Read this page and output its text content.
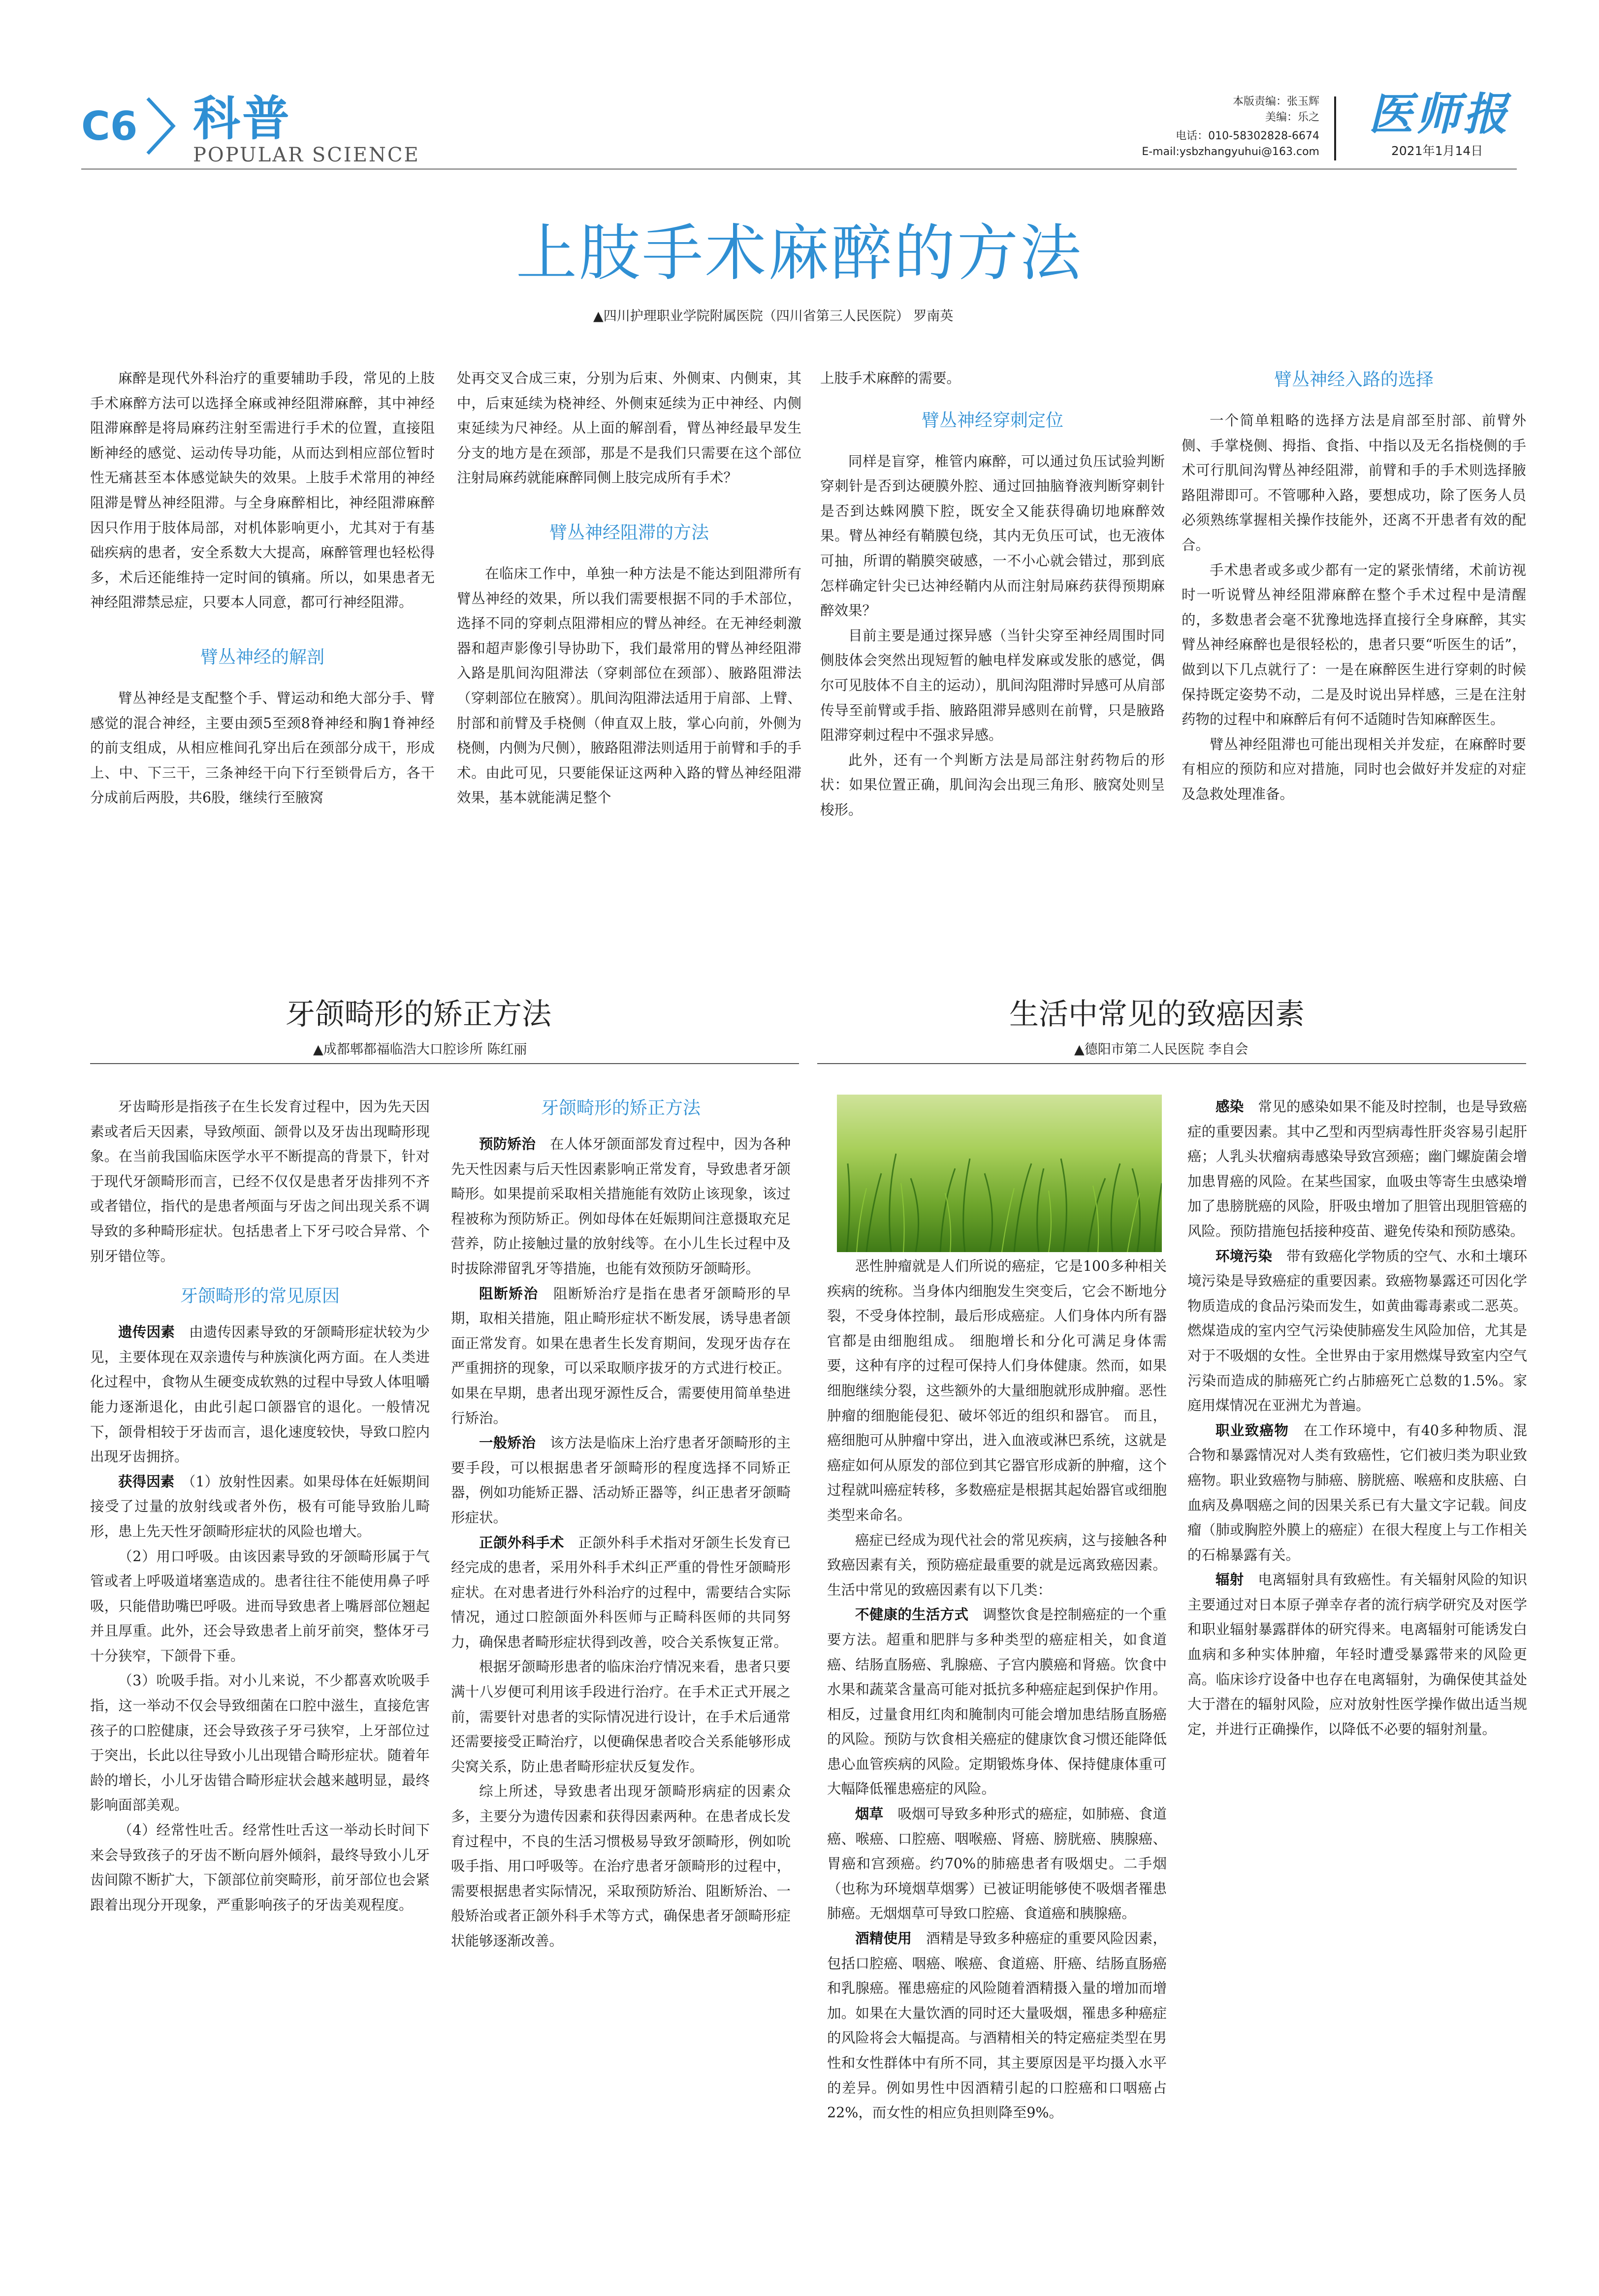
C6 科普
POPULAR SCIENCE
本版责编：张玉辉
美编：乐之
电话：010-58302828-6674
E-mail:ysbzhangyuhui@163.com
医师报
2021年1月14日
上肢手术麻醉的方法
▲四川护理职业学院附属医院（四川省第三人民医院） 罗南英

麻醉是现代外科治疗的重要辅助手段，常见的上肢手术麻醉方法可以选择全麻或神经阻滞麻醉，其中神经阻滞麻醉是将局麻药注射至需进行手术的位置，直接阻断神经的感觉、运动传导功能，从而达到相应部位暂时性无痛甚至本体感觉缺失的效果。上肢手术常用的神经阻滞是臂丛神经阻滞。与全身麻醉相比，神经阻滞麻醉因只作用于肢体局部，对机体影响更小，尤其对于有基础疾病的患者，安全系数大大提高，麻醉管理也轻松得多，术后还能维持一定时间的镇痛。所以，如果患者无神经阻滞禁忌症，只要本人同意，都可行神经阻滞。

臂丛神经的解剖

臂丛神经是支配整个手、臂运动和绝大部分手、臂感觉的混合神经，主要由颈5至颈8脊神经和胸1脊神经的前支组成，从相应椎间孔穿出后在颈部分成干，形成上、中、下三干，三条神经干向下行至锁骨后方，各干分成前后两股，共6股，继续行至腋窝

处再交叉合成三束，分别为后束、外侧束、内侧束，其中，后束延续为桡神经、外侧束延续为正中神经、内侧束延续为尺神经。从上面的解剖看，臂丛神经最早发生分支的地方是在颈部，那是不是我们只需要在这个部位注射局麻药就能麻醉同侧上肢完成所有手术？

臂丛神经阻滞的方法

在临床工作中，单独一种方法是不能达到阻滞所有臂丛神经的效果，所以我们需要根据不同的手术部位，选择不同的穿刺点阻滞相应的臂丛神经。在无神经刺激器和超声影像引导协助下，我们最常用的臂丛神经阻滞入路是肌间沟阻滞法（穿刺部位在颈部）、腋路阻滞法（穿刺部位在腋窝）。肌间沟阻滞法适用于肩部、上臂、肘部和前臂及手桡侧（伸直双上肢，掌心向前，外侧为桡侧，内侧为尺侧），腋路阻滞法则适用于前臂和手的手术。由此可见，只要能保证这两种入路的臂丛神经阻滞效果，基本就能满足整个

上肢手术麻醉的需要。

臂丛神经穿刺定位

同样是盲穿，椎管内麻醉，可以通过负压试验判断穿刺针是否到达硬膜外腔、通过回抽脑脊液判断穿刺针是否到达蛛网膜下腔，既安全又能获得确切地麻醉效果。臂丛神经有鞘膜包绕，其内无负压可试，也无液体可抽，所谓的鞘膜突破感，一不小心就会错过，那到底怎样确定针尖已达神经鞘内从而注射局麻药获得预期麻醉效果？

目前主要是通过探异感（当针尖穿至神经周围时同侧肢体会突然出现短暂的触电样发麻或发胀的感觉，偶尔可见肢体不自主的运动），肌间沟阻滞时异感可从肩部传导至前臂或手指、腋路阻滞异感则在前臂，只是腋路阻滞穿刺过程中不强求异感。

此外，还有一个判断方法是局部注射药物后的形状：如果位置正确，肌间沟会出现三角形、腋窝处则呈梭形。

臂丛神经入路的选择

一个简单粗略的选择方法是肩部至肘部、前臂外侧、手掌桡侧、拇指、食指、中指以及无名指桡侧的手术可行肌间沟臂丛神经阻滞，前臂和手的手术则选择腋路阻滞即可。不管哪种入路，要想成功，除了医务人员必须熟练掌握相关操作技能外，还离不开患者有效的配合。

手术患者或多或少都有一定的紧张情绪，术前访视时一听说臂丛神经阻滞麻醉在整个手术过程中是清醒的，多数患者会毫不犹豫地选择直接行全身麻醉，其实臂丛神经麻醉也是很轻松的，患者只要“听医生的话”，做到以下几点就行了：一是在麻醉医生进行穿刺的时候保持既定姿势不动，二是及时说出异样感，三是在注射药物的过程中和麻醉后有何不适随时告知麻醉医生。

臂丛神经阻滞也可能出现相关并发症，在麻醉时要有相应的预防和应对措施，同时也会做好并发症的对症及急救处理准备。

牙颌畸形的矫正方法
▲成都郫都福临浩大口腔诊所 陈红丽

牙齿畸形是指孩子在生长发育过程中，因为先天因素或者后天因素，导致颅面、颌骨以及牙齿出现畸形现象。在当前我国临床医学水平不断提高的背景下，针对于现代牙颌畸形而言，已经不仅仅是患者牙齿排列不齐或者错位，指代的是患者颅面与牙齿之间出现关系不调导致的多种畸形症状。包括患者上下牙弓咬合异常、个别牙错位等。

牙颌畸形的常见原因

遗传因素　 由遗传因素导致的牙颌畸形症状较为少见，主要体现在双亲遗传与种族演化两方面。在人类进化过程中，食物从生硬变成软熟的过程中导致人体咀嚼能力逐渐退化，由此引起口颌器官的退化。一般情况下，颌骨相较于牙齿而言，退化速度较快，导致口腔内出现牙齿拥挤。

获得因素　 （1）放射性因素。如果母体在妊娠期间接受了过量的放射线或者外伤，极有可能导致胎儿畸形，患上先天性牙颌畸形症状的风险也增大。

（2）用口呼吸。由该因素导致的牙颌畸形属于气管或者上呼吸道堵塞造成的。患者往往不能使用鼻子呼吸，只能借助嘴巴呼吸。进而导致患者上嘴唇部位翘起并且厚重。此外，还会导致患者上前牙前突，整体牙弓十分狭窄，下颌骨下垂。

（3）吮吸手指。对小儿来说，不少都喜欢吮吸手指，这一举动不仅会导致细菌在口腔中滋生，直接危害孩子的口腔健康，还会导致孩子牙弓狭窄，上牙部位过于突出，长此以往导致小儿出现错合畸形症状。随着年龄的增长，小儿牙齿错合畸形症状会越来越明显，最终影响面部美观。

（4）经常性吐舌。经常性吐舌这一举动长时间下来会导致孩子的牙齿不断向唇外倾斜，最终导致小儿牙齿间隙不断扩大，下颌部位前突畸形，前牙部位也会紧跟着出现分开现象，严重影响孩子的牙齿美观程度。

牙颌畸形的矫正方法

预防矫治　 在人体牙颌面部发育过程中，因为各种先天性因素与后天性因素影响正常发育，导致患者牙颌畸形。如果提前采取相关措施能有效防止该现象，该过程被称为预防矫正。例如母体在妊娠期间注意摄取充足营养，防止接触过量的放射线等。在小儿生长过程中及时拔除滞留乳牙等措施，也能有效预防牙颌畸形。

阻断矫治　 阻断矫治疗是指在患者牙颌畸形的早期，取相关措施，阻止畸形症状不断发展，诱导患者颌面正常发育。如果在患者生长发育期间，发现牙齿存在严重拥挤的现象，可以采取顺序拔牙的方式进行校正。如果在早期，患者出现牙源性反合，需要使用简单垫进行矫治。

一般矫治　 该方法是临床上治疗患者牙颌畸形的主要手段，可以根据患者牙颌畸形的程度选择不同矫正器，例如功能矫正器、活动矫正器等，纠正患者牙颌畸形症状。

正颌外科手术　 正颌外科手术指对牙颌生长发育已经完成的患者，采用外科手术纠正严重的骨性牙颌畸形症状。在对患者进行外科治疗的过程中，需要结合实际情况，通过口腔颌面外科医师与正畸科医师的共同努力，确保患者畸形症状得到改善，咬合关系恢复正常。

根据牙颌畸形患者的临床治疗情况来看，患者只要满十八岁便可利用该手段进行治疗。在手术正式开展之前，需要针对患者的实际情况进行设计，在手术后通常还需要接受正畸治疗，以便确保患者咬合关系能够形成尖窝关系，防止患者畸形症状反复发作。

综上所述，导致患者出现牙颌畸形病症的因素众多，主要分为遗传因素和获得因素两种。在患者成长发育过程中，不良的生活习惯极易导致牙颌畸形，例如吮吸手指、用口呼吸等。在治疗患者牙颌畸形的过程中，需要根据患者实际情况，采取预防矫治、阻断矫治、一般矫治或者正颌外科手术等方式，确保患者牙颌畸形症状能够逐渐改善。

生活中常见的致癌因素
▲德阳市第二人民医院 李自会

恶性肿瘤就是人们所说的癌症，它是100多种相关疾病的统称。当身体内细胞发生突变后，它会不断地分裂，不受身体控制，最后形成癌症。人们身体内所有器官都是由细胞组成。 细胞增长和分化可满足身体需要，这种有序的过程可保持人们身体健康。然而，如果细胞继续分裂，这些额外的大量细胞就形成肿瘤。恶性肿瘤的细胞能侵犯、破坏邻近的组织和器官。 而且，癌细胞可从肿瘤中穿出，进入血液或淋巴系统，这就是癌症如何从原发的部位到其它器官形成新的肿瘤，这个过程就叫癌症转移，多数癌症是根据其起始器官或细胞类型来命名。

癌症已经成为现代社会的常见疾病，这与接触各种致癌因素有关，预防癌症最重要的就是远离致癌因素。生活中常见的致癌因素有以下几类：

不健康的生活方式　 调整饮食是控制癌症的一个重要方法。超重和肥胖与多种类型的癌症相关，如食道癌、结肠直肠癌、乳腺癌、子宫内膜癌和肾癌。饮食中水果和蔬菜含量高可能对抵抗多种癌症起到保护作用。相反，过量食用红肉和腌制肉可能会增加患结肠直肠癌的风险。预防与饮食相关癌症的健康饮食习惯还能降低患心血管疾病的风险。定期锻炼身体、保持健康体重可大幅降低罹患癌症的风险。

烟草　 吸烟可导致多种形式的癌症，如肺癌、食道癌、喉癌、口腔癌、咽喉癌、肾癌、膀胱癌、胰腺癌、胃癌和宫颈癌。约70%的肺癌患者有吸烟史。二手烟（也称为环境烟草烟雾）已被证明能够使不吸烟者罹患肺癌。无烟烟草可导致口腔癌、食道癌和胰腺癌。

酒精使用　 酒精是导致多种癌症的重要风险因素，包括口腔癌、咽癌、喉癌、食道癌、肝癌、结肠直肠癌和乳腺癌。罹患癌症的风险随着酒精摄入量的增加而增加。如果在大量饮酒的同时还大量吸烟，罹患多种癌症的风险将会大幅提高。与酒精相关的特定癌症类型在男性和女性群体中有所不同，其主要原因是平均摄入水平的差异。例如男性中因酒精引起的口腔癌和口咽癌占22%，而女性的相应负担则降至9%。

感染　 常见的感染如果不能及时控制，也是导致癌症的重要因素。其中乙型和丙型病毒性肝炎容易引起肝癌；人乳头状瘤病毒感染导致宫颈癌；幽门螺旋菌会增加患胃癌的风险。在某些国家，血吸虫等寄生虫感染增加了患膀胱癌的风险，肝吸虫增加了胆管出现胆管癌的风险。预防措施包括接种疫苗、避免传染和预防感染。

环境污染　 带有致癌化学物质的空气、水和土壤环境污染是导致癌症的重要因素。致癌物暴露还可因化学物质造成的食品污染而发生，如黄曲霉毒素或二恶英。燃煤造成的室内空气污染使肺癌发生风险加倍，尤其是对于不吸烟的女性。全世界由于家用燃煤导致室内空气污染而造成的肺癌死亡约占肺癌死亡总数的1.5%。家庭用煤情况在亚洲尤为普遍。

职业致癌物　 在工作环境中，有40多种物质、混合物和暴露情况对人类有致癌性，它们被归类为职业致癌物。职业致癌物与肺癌、膀胱癌、喉癌和皮肤癌、白血病及鼻咽癌之间的因果关系已有大量文字记载。间皮瘤（肺或胸腔外膜上的癌症）在很大程度上与工作相关的石棉暴露有关。

辐射　 电离辐射具有致癌性。有关辐射风险的知识主要通过对日本原子弹幸存者的流行病学研究及对医学和职业辐射暴露群体的研究得来。电离辐射可能诱发白血病和多种实体肿瘤，年轻时遭受暴露带来的风险更高。临床诊疗设备中也存在电离辐射，为确保使其益处大于潜在的辐射风险，应对放射性医学操作做出适当规定，并进行正确操作，以降低不必要的辐射剂量。
